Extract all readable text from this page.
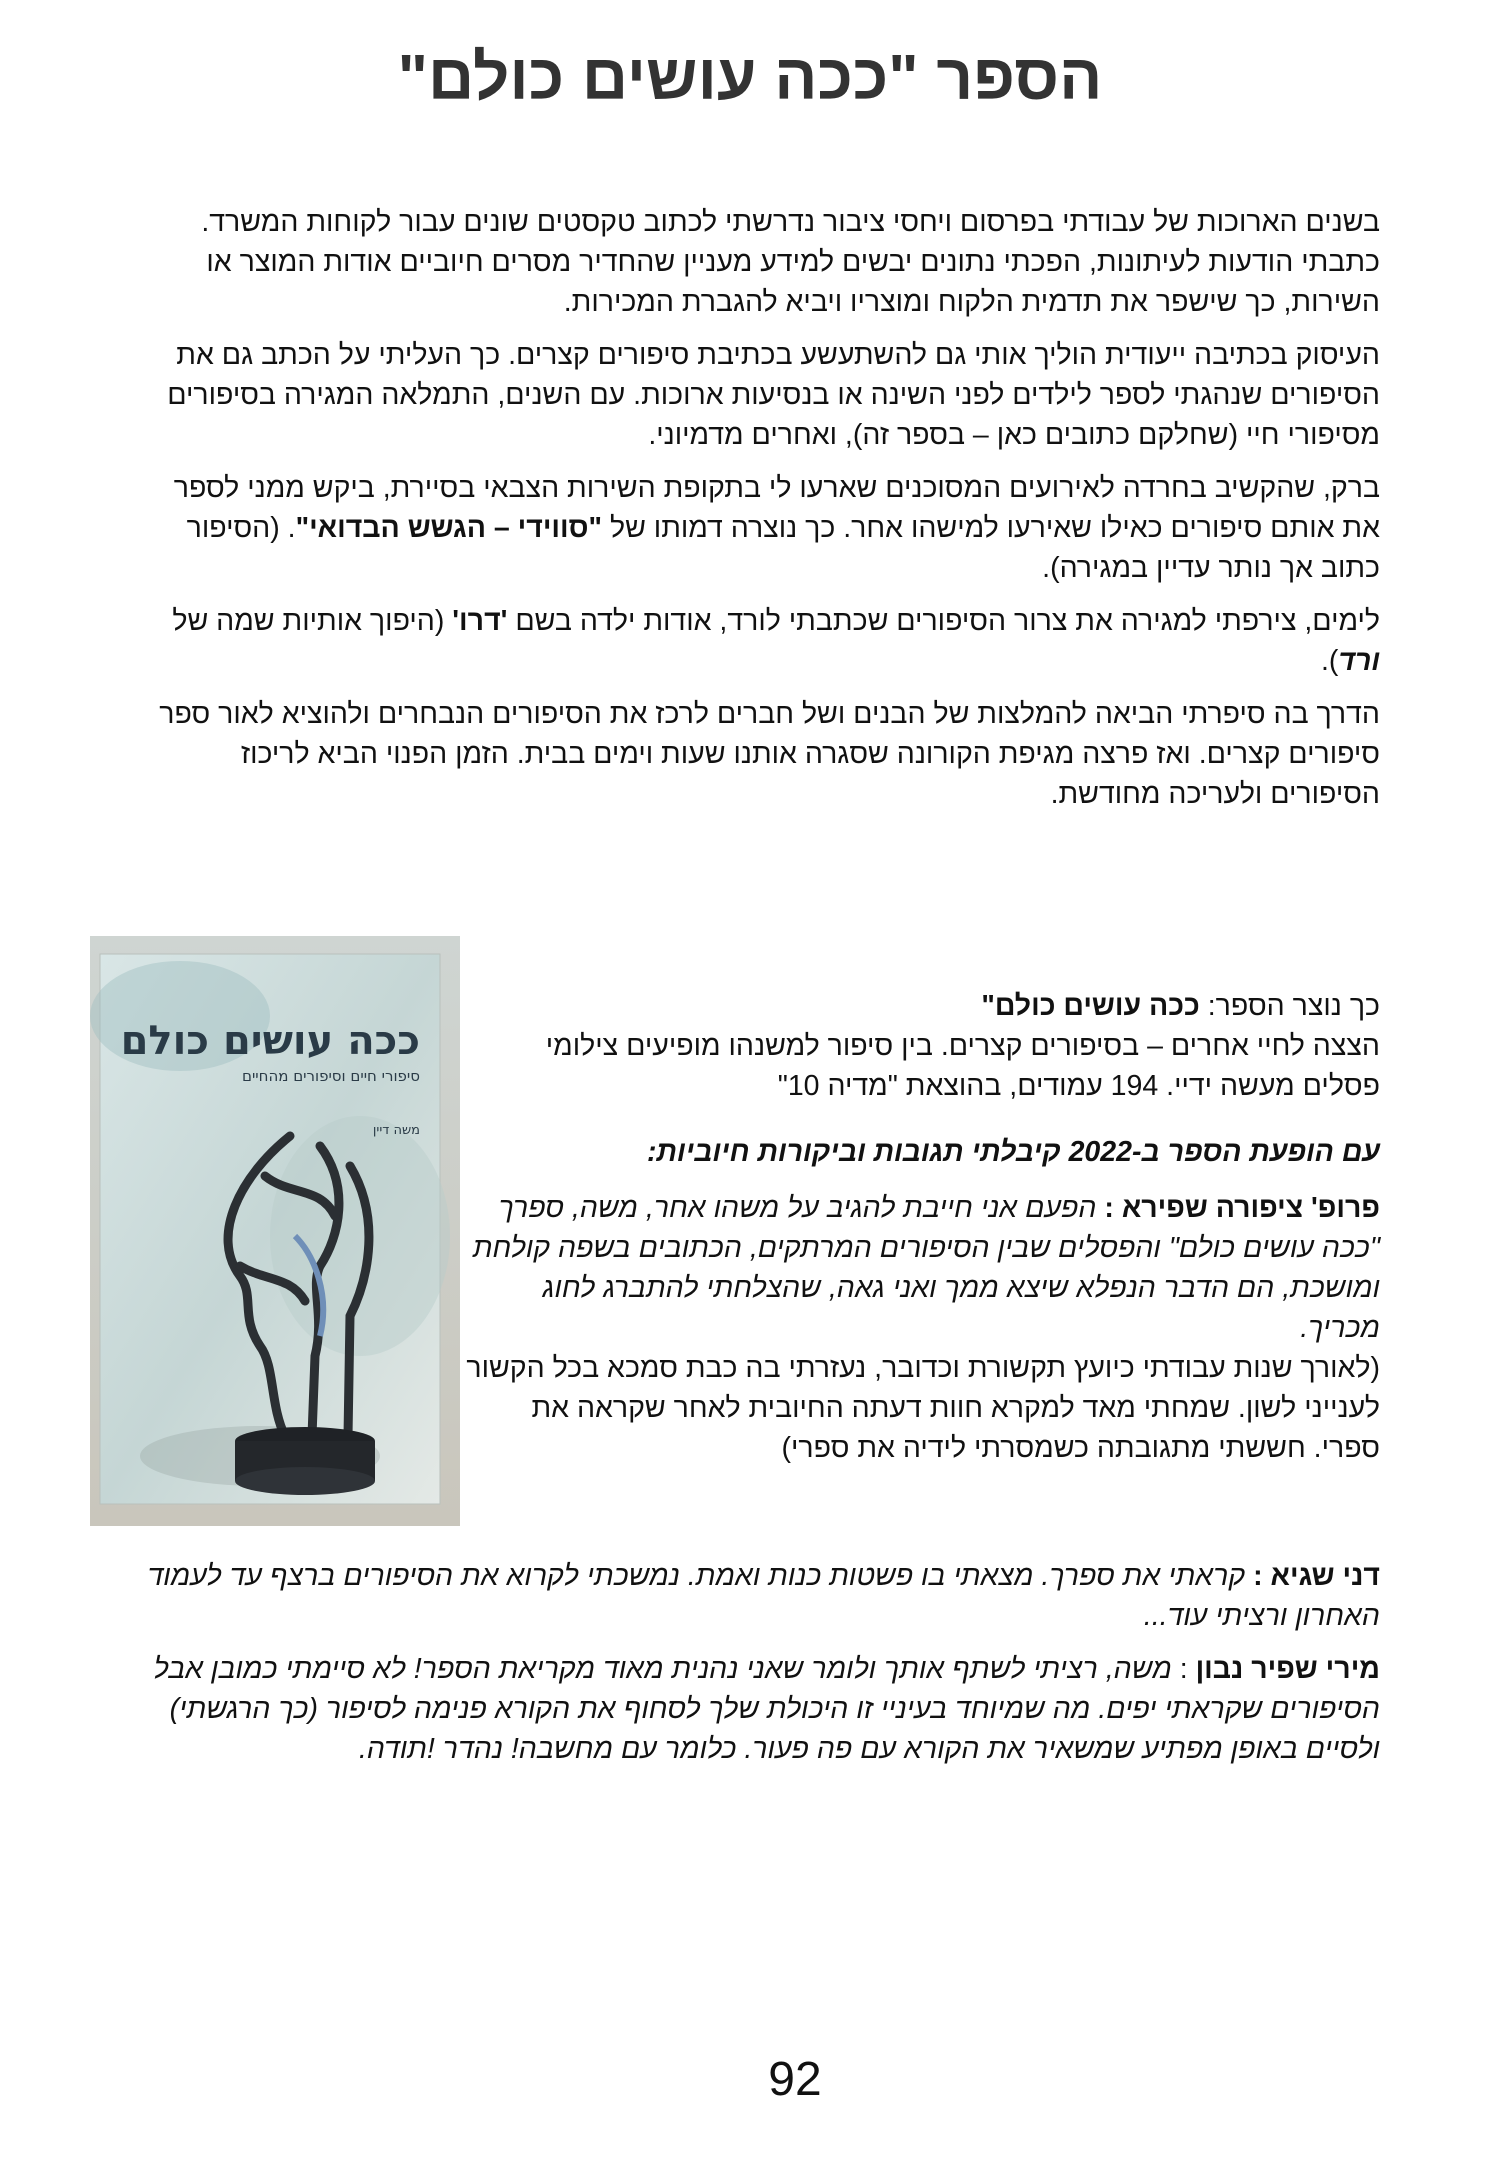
הספר "ככה עושים כולם"

בשנים הארוכות של עבודתי בפרסום ויחסי ציבור נדרשתי לכתוב טקסטים שונים עבור לקוחות המשרד. כתבתי הודעות לעיתונות, הפכתי נתונים יבשים למידע מעניין שהחדיר מסרים חיוביים אודות המוצר או השירות, כך שישפר את תדמית הלקוח ומוצריו ויביא להגברת המכירות.

העיסוק בכתיבה ייעודית הוליך אותי גם להשתעשע בכתיבת סיפורים קצרים. כך העליתי על הכתב גם את הסיפורים שנהגתי לספר לילדים לפני השינה או בנסיעות ארוכות. עם השנים, התמלאה המגירה בסיפורים מסיפורי חיי (שחלקם כתובים כאן – בספר זה), ואחרים מדמיוני.

ברק, שהקשיב בחרדה לאירועים המסוכנים שארעו לי בתקופת השירות הצבאי בסיירת, ביקש ממני לספר את אותם סיפורים כאילו שאירעו למישהו אחר. כך נוצרה דמותו של "סווידי – הגשש הבדואי". (הסיפור כתוב אך נותר עדיין במגירה).

לימים, צירפתי למגירה את צרור הסיפורים שכתבתי לורד, אודות ילדה בשם 'דרו' (היפוך אותיות שמה של ורד).

הדרך בה סיפרתי הביאה להמלצות של הבנים ושל חברים לרכז את הסיפורים הנבחרים ולהוציא לאור ספר סיפורים קצרים. ואז פרצה מגיפת הקורונה שסגרה אותנו שעות וימים בבית. הזמן הפנוי הביא לריכוז הסיפורים ולעריכה מחודשת.

ככה עושים כולם
סיפורי חיים וסיפורים מהחיים
משה דיין

כך נוצר הספר: ככה עושים כולם"
הצצה לחיי אחרים – בסיפורים קצרים. בין סיפור למשנהו מופיעים צילומי פסלים מעשה ידיי. 194 עמודים, בהוצאת "מדיה 10"

עם הופעת הספר ב-2022 קיבלתי תגובות וביקורות חיוביות:

פרופ' ציפורה שפירא : הפעם אני חייבת להגיב על משהו אחר, משה, ספרך "ככה עושים כולם" והפסלים שבין הסיפורים המרתקים, הכתובים בשפה קולחת ומושכת, הם הדבר הנפלא שיצא ממך ואני גאה, שהצלחתי להתברג לחוג מכריך.

(לאורך שנות עבודתי כיועץ תקשורת וכדובר, נעזרתי בה כבת סמכא בכל הקשור לענייני לשון. שמחתי מאד למקרא חוות דעתה החיובית לאחר שקראה את ספרי. חששתי מתגובתה כשמסרתי לידיה את ספרי)

דני שגיא : קראתי את ספרך. מצאתי בו פשטות כנות ואמת. נמשכתי לקרוא את הסיפורים ברצף עד לעמוד האחרון ורציתי עוד...

מירי שפיר נבון : משה, רציתי לשתף אותך ולומר שאני נהנית מאוד מקריאת הספר! לא סיימתי כמובן אבל הסיפורים שקראתי יפים. מה שמיוחד בעיניי זו היכולת שלך לסחוף את הקורא פנימה לסיפור (כך הרגשתי) ולסיים באופן מפתיע שמשאיר את הקורא עם פה פעור. כלומר עם מחשבה! נהדר !תודה.

92
